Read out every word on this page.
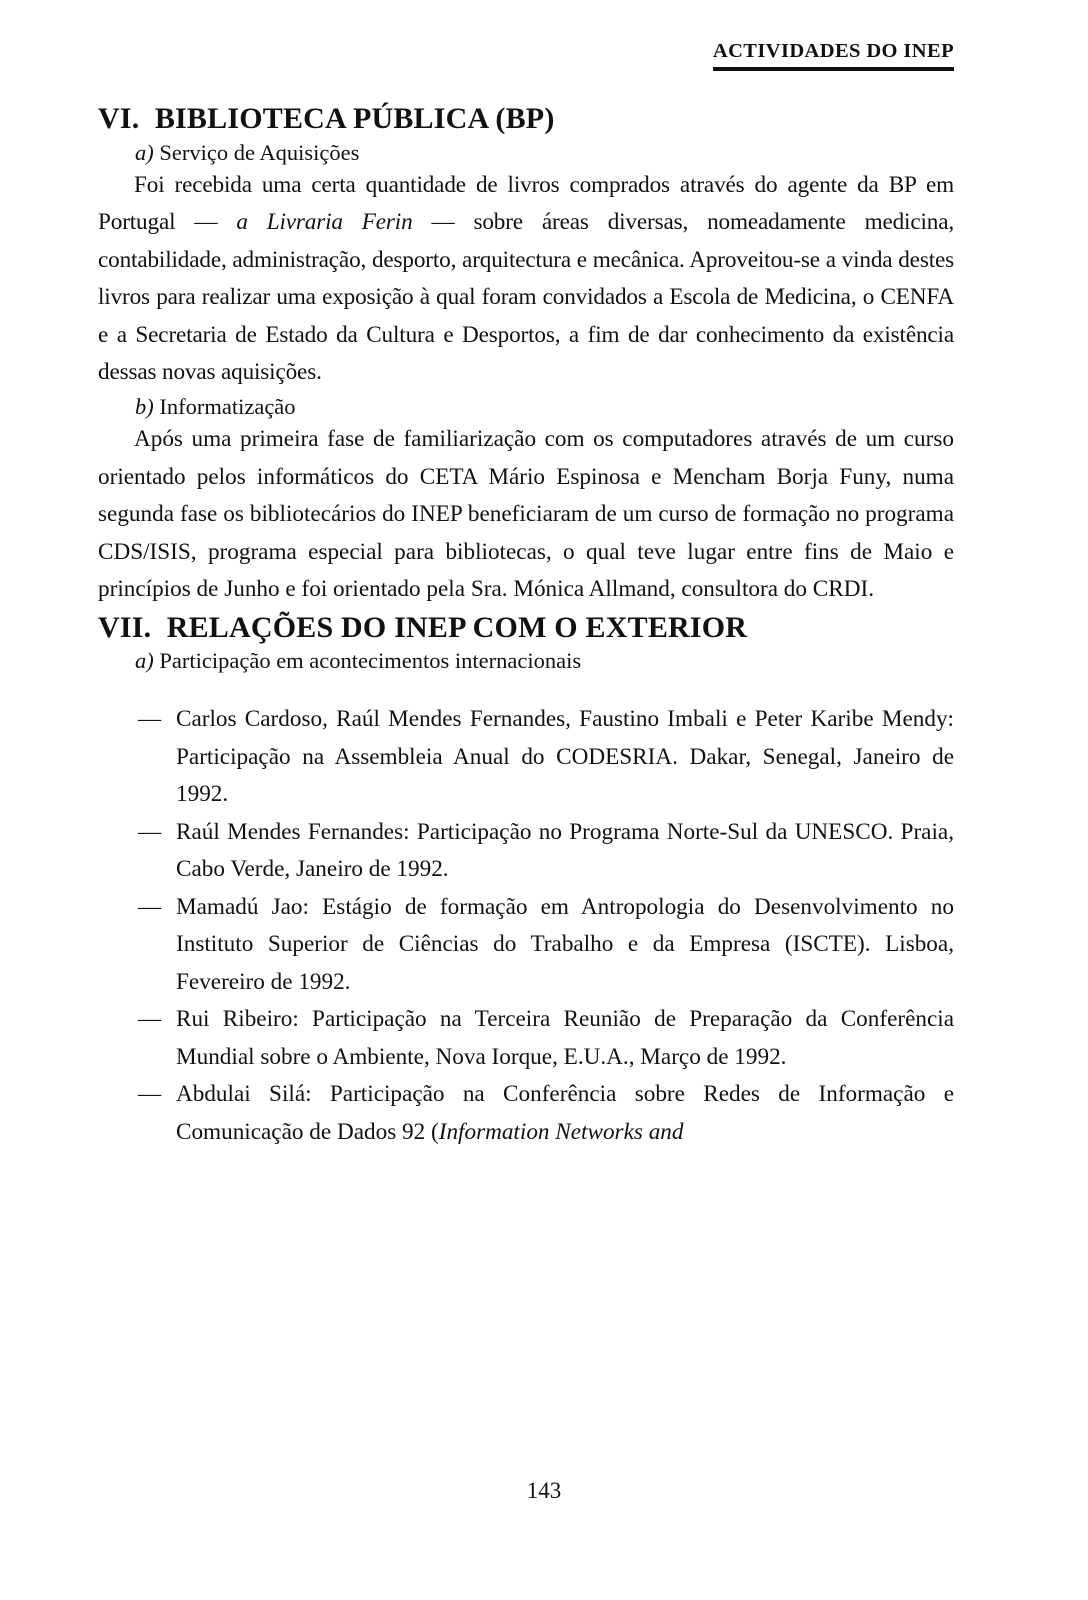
ACTIVIDADES DO INEP
VI.  BIBLIOTECA PÚBLICA (BP)
a) Serviço de Aquisições

Foi recebida uma certa quantidade de livros comprados através do agente da BP em Portugal — a Livraria Ferin — sobre áreas diversas, nomeadamente medicina, contabilidade, administração, desporto, arquitectura e mecânica. Aproveitou-se a vinda destes livros para realizar uma exposição à qual foram convidados a Escola de Medicina, o CENFA e a Secretaria de Estado da Cultura e Desportos, a fim de dar conhecimento da existência dessas novas aquisições.

b) Informatização

Após uma primeira fase de familiarização com os computadores através de um curso orientado pelos informáticos do CETA Mário Espinosa e Mencham Borja Funy, numa segunda fase os bibliotecários do INEP beneficiaram de um curso de formação no programa CDS/ISIS, programa especial para bibliotecas, o qual teve lugar entre fins de Maio e princípios de Junho e foi orientado pela Sra. Mónica Allmand, consultora do CRDI.

VII.  RELAÇÕES DO INEP COM O EXTERIOR
a) Participação em acontecimentos internacionais
— Carlos Cardoso, Raúl Mendes Fernandes, Faustino Imbali e Peter Karibe Mendy: Participação na Assembleia Anual do CODESRIA. Dakar, Senegal, Janeiro de 1992.
— Raúl Mendes Fernandes: Participação no Programa Norte-Sul da UNESCO. Praia, Cabo Verde, Janeiro de 1992.
— Mamadú Jao: Estágio de formação em Antropologia do Desenvolvimento no Instituto Superior de Ciências do Trabalho e da Empresa (ISCTE). Lisboa, Fevereiro de 1992.
— Rui Ribeiro: Participação na Terceira Reunião de Preparação da Conferência Mundial sobre o Ambiente, Nova Iorque, E.U.A., Março de 1992.
— Abdulai Silá: Participação na Conferência sobre Redes de Informação e Comunicação de Dados 92 (Information Networks and
143
